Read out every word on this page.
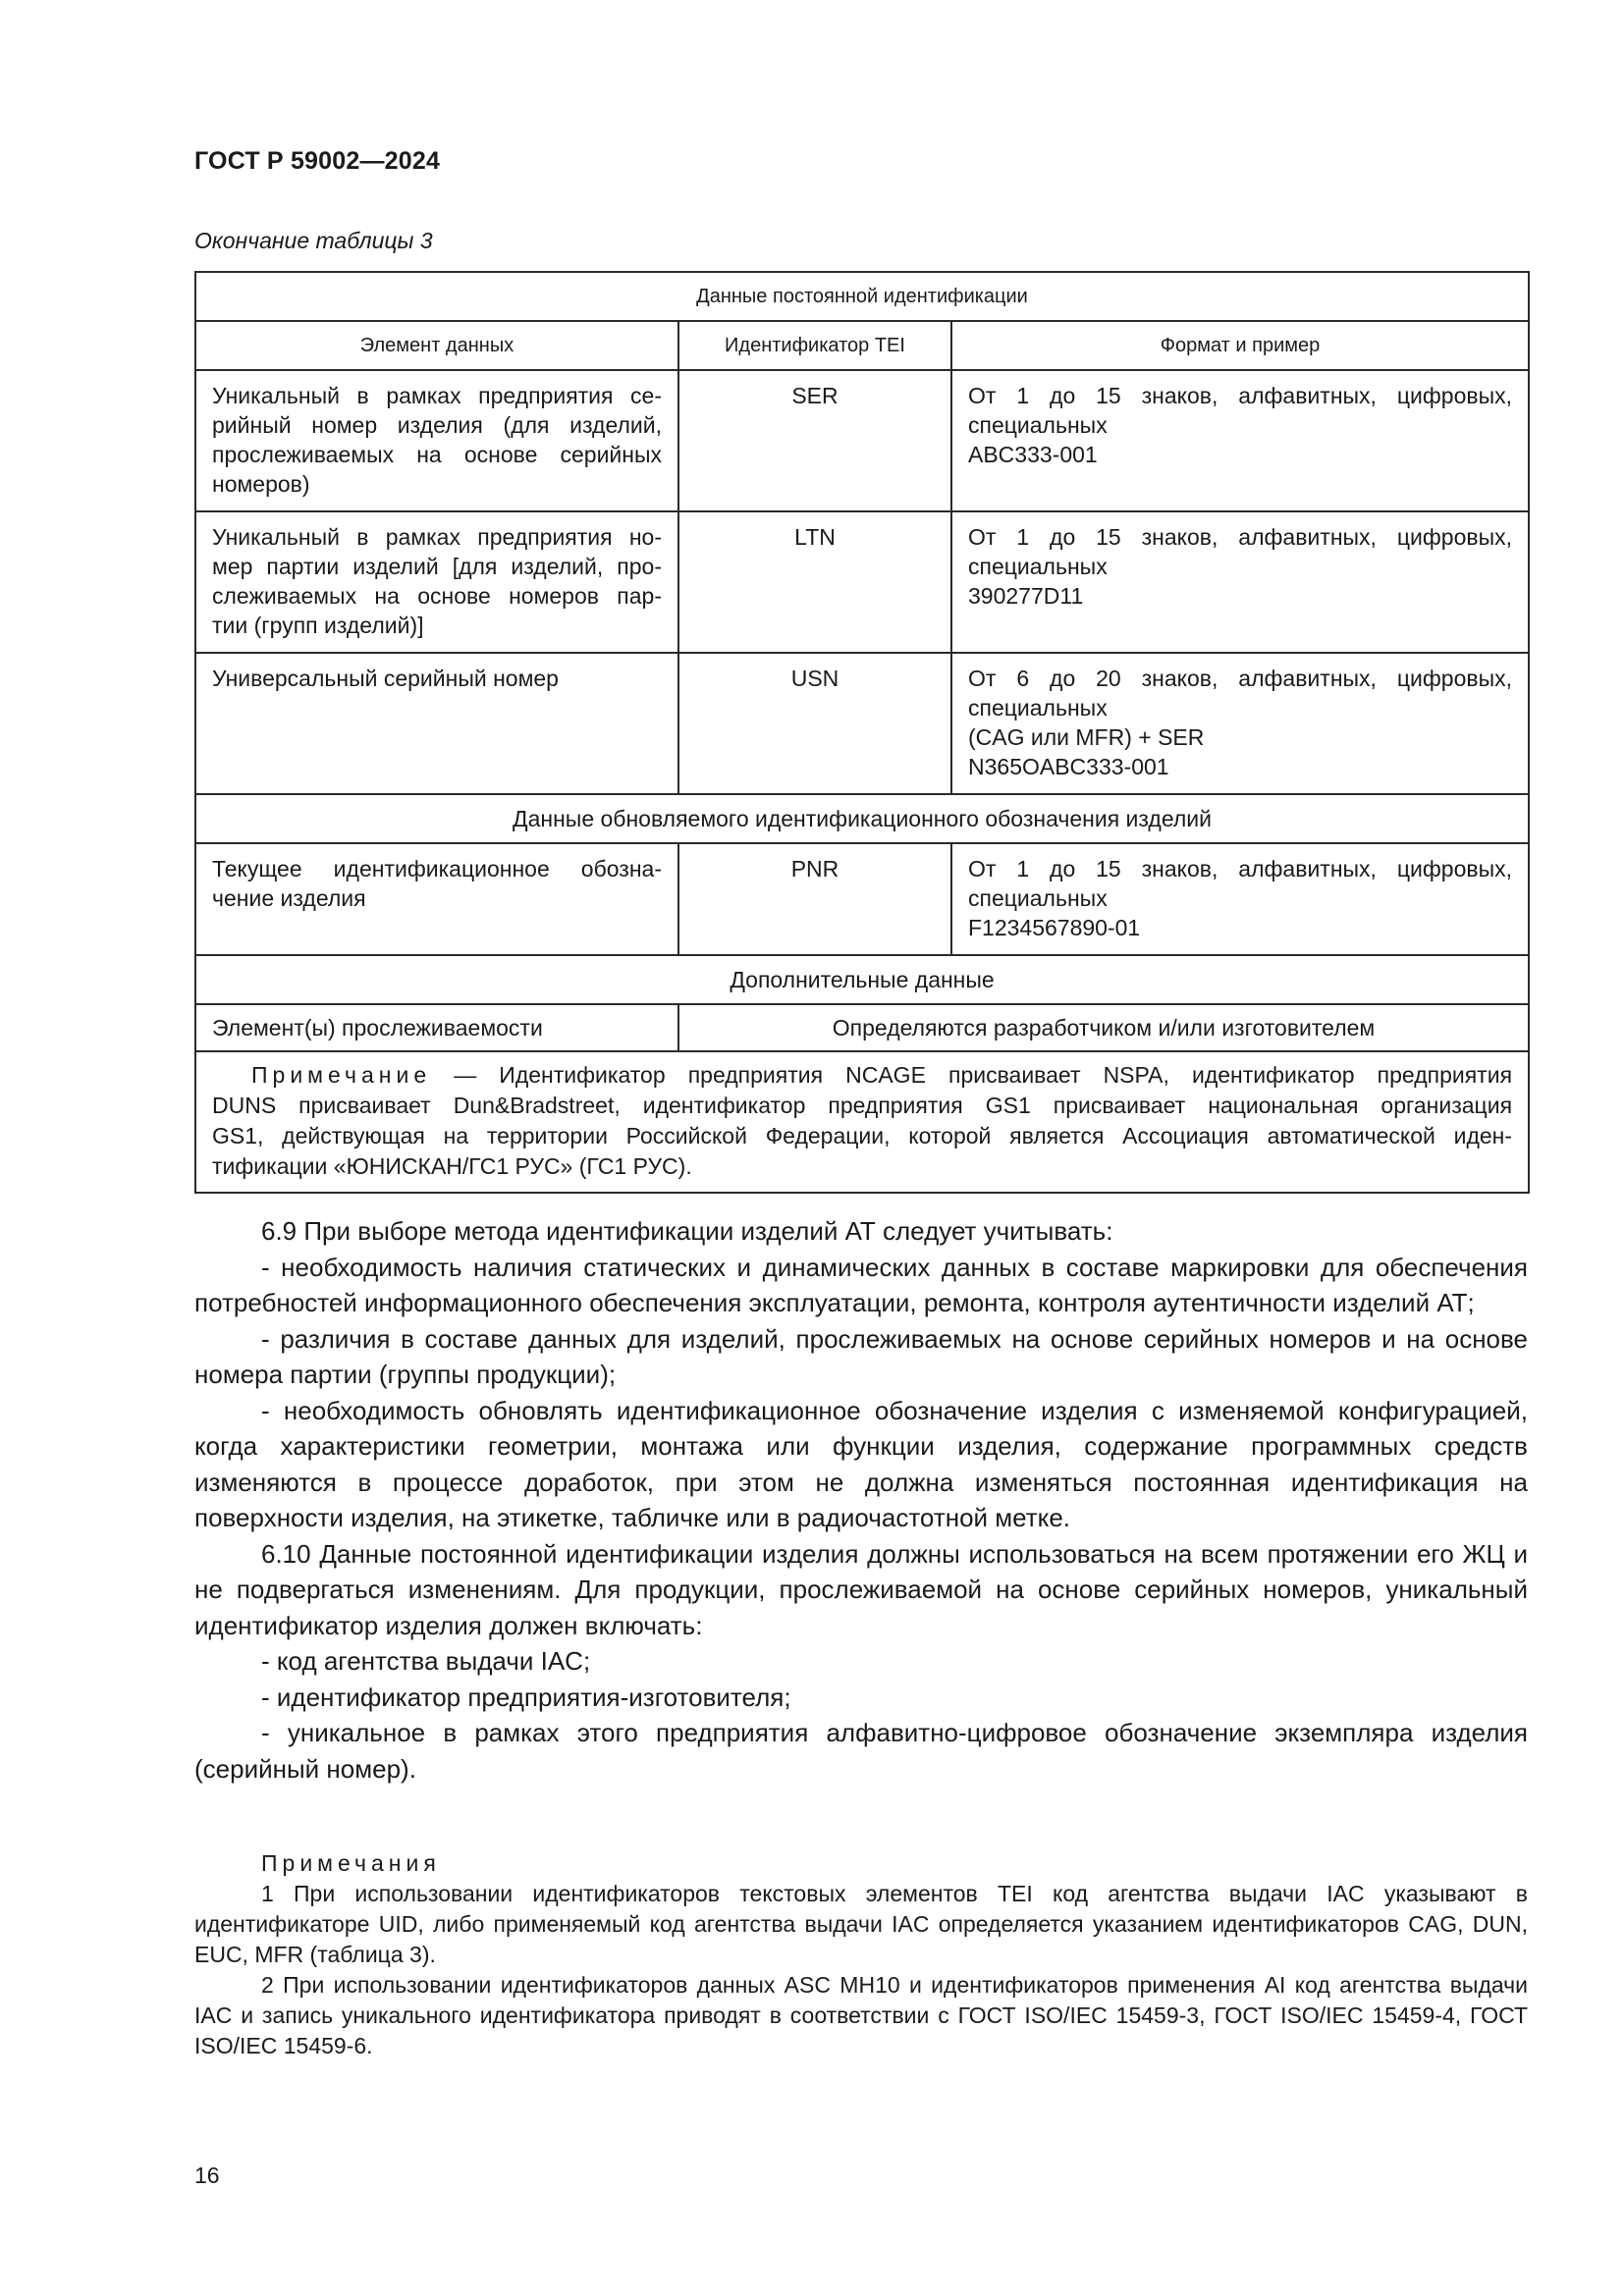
ГОСТ Р 59002—2024
Окончание таблицы 3
Данные постоянной идентификации		
Элемент данных	Идентификатор TEI	Формат и пример

Уникальный в рамках предприятия се-
рийный номер изделия (для изделий,
прослеживаемых на основе серийных
номеров)	SER	От 1 до 15 знаков, алфавитных, цифровых,
специальных
ABC333-001

Уникальный в рамках предприятия но-
мер партии изделий [для изделий, про-
слеживаемых на основе номеров пар-
тии (групп изделий)]	LTN	От 1 до 15 знаков, алфавитных, цифровых,
специальных
390277D11

Универсальный серийный номер	USN	От 6 до 20 знаков, алфавитных, цифровых,
специальных
(CAG или MFR) + SER
N365OABC333-001

Данные обновляемого идентификационного обозначения изделий		

Текущее идентификационное обозна-
чение изделия	PNR	От 1 до 15 знаков, алфавитных, цифровых,
специальных
F1234567890-01

Дополнительные данные		
Элемент(ы) прослеживаемости	Определяются разработчиком и/или изготовителем	

Примечание — Идентификатор предприятия NCAGE присваивает NSPA, идентификатор предприятия
DUNS присваивает Dun&Bradstreet, идентификатор предприятия GS1 присваивает национальная организация
GS1, действующая на территории Российской Федерации, которой является Ассоциация автоматической иден-
тификации «ЮНИСКАН/ГС1 РУС» (ГС1 РУС).		

6.9 При выборе метода идентификации изделий АТ следует учитывать:

- необходимость наличия статических и динамических данных в составе маркировки для обеспечения потребностей информационного обеспечения эксплуатации, ремонта, контроля аутентичности изделий АТ;

- различия в составе данных для изделий, прослеживаемых на основе серийных номеров и на основе номера партии (группы продукции);

- необходимость обновлять идентификационное обозначение изделия с изменяемой конфигурацией, когда характеристики геометрии, монтажа или функции изделия, содержание программных средств изменяются в процессе доработок, при этом не должна изменяться постоянная идентификация на поверхности изделия, на этикетке, табличке или в радиочастотной метке.

6.10 Данные постоянной идентификации изделия должны использоваться на всем протяжении его ЖЦ и не подвергаться изменениям. Для продукции, прослеживаемой на основе серийных номеров, уникальный идентификатор изделия должен включать:

- код агентства выдачи IAC;

- идентификатор предприятия-изготовителя;

- уникальное в рамках этого предприятия алфавитно-цифровое обозначение экземпляра изделия (серийный номер).

Примечания

1 При использовании идентификаторов текстовых элементов TEI код агентства выдачи IAC указывают в идентификаторе UID, либо применяемый код агентства выдачи IAC определяется указанием идентификаторов CAG, DUN, EUC, MFR (таблица 3).

2 При использовании идентификаторов данных ASC MH10 и идентификаторов применения AI код агентства выдачи IAC и запись уникального идентификатора приводят в соответствии с ГОСТ ISO/IEC 15459-3, ГОСТ ISO/IEC 15459-4, ГОСТ ISO/IEC 15459-6.

16
